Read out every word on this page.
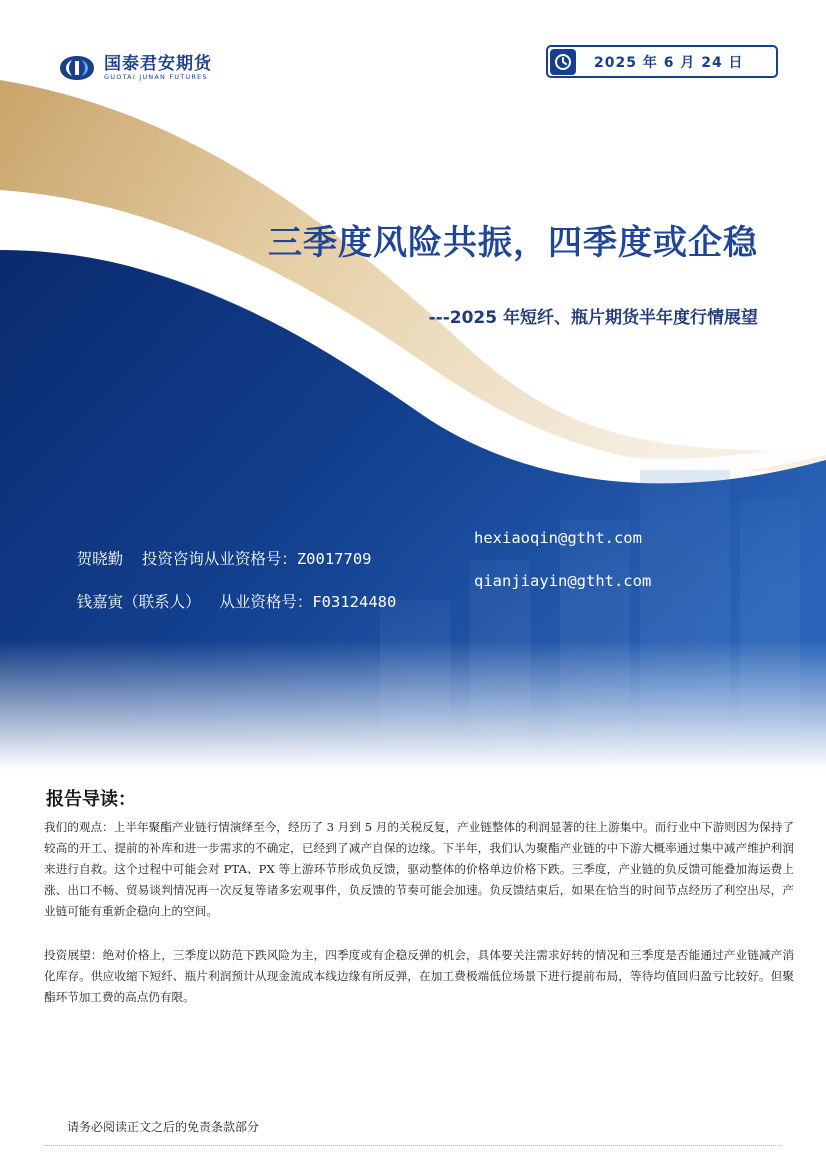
国泰君安期货
GUOTAI JUNAN FUTURES
2025 年 6 月 24 日
三季度风险共振，四季度或企稳
---2025 年短纤、瓶片期货半年度行情展望

贺晓勤  投资咨询从业资格号：Z0017709

hexiaoqin@gtht.com

钱嘉寅（联系人）  从业资格号：F03124480

qianjiayin@gtht.com

报告导读：
我们的观点：上半年聚酯产业链行情演绎至今，经历了 3 月到 5 月的关税反复，产业链整体的利润显著的往上游集中。而行业中下游则因为保持了较高的开工、提前的补库和进一步需求的不确定，已经到了减产自保的边缘。下半年，我们认为聚酯产业链的中下游大概率通过集中减产维护利润来进行自救。这个过程中可能会对 PTA、PX 等上游环节形成负反馈，驱动整体的价格单边价格下跌。三季度，产业链的负反馈可能叠加海运费上涨、出口不畅、贸易谈判情况再一次反复等诸多宏观事件，负反馈的节奏可能会加速。负反馈结束后，如果在恰当的时间节点经历了利空出尽，产业链可能有重新企稳向上的空间。
投资展望：绝对价格上，三季度以防范下跌风险为主，四季度或有企稳反弹的机会，具体要关注需求好转的情况和三季度是否能通过产业链减产消化库存。供应收缩下短纤、瓶片利润预计从现金流成本线边缘有所反弹，在加工费极端低位场景下进行提前布局，等待均值回归盈亏比较好。但聚酯环节加工费的高点仍有限。
请务必阅读正文之后的免责条款部分
